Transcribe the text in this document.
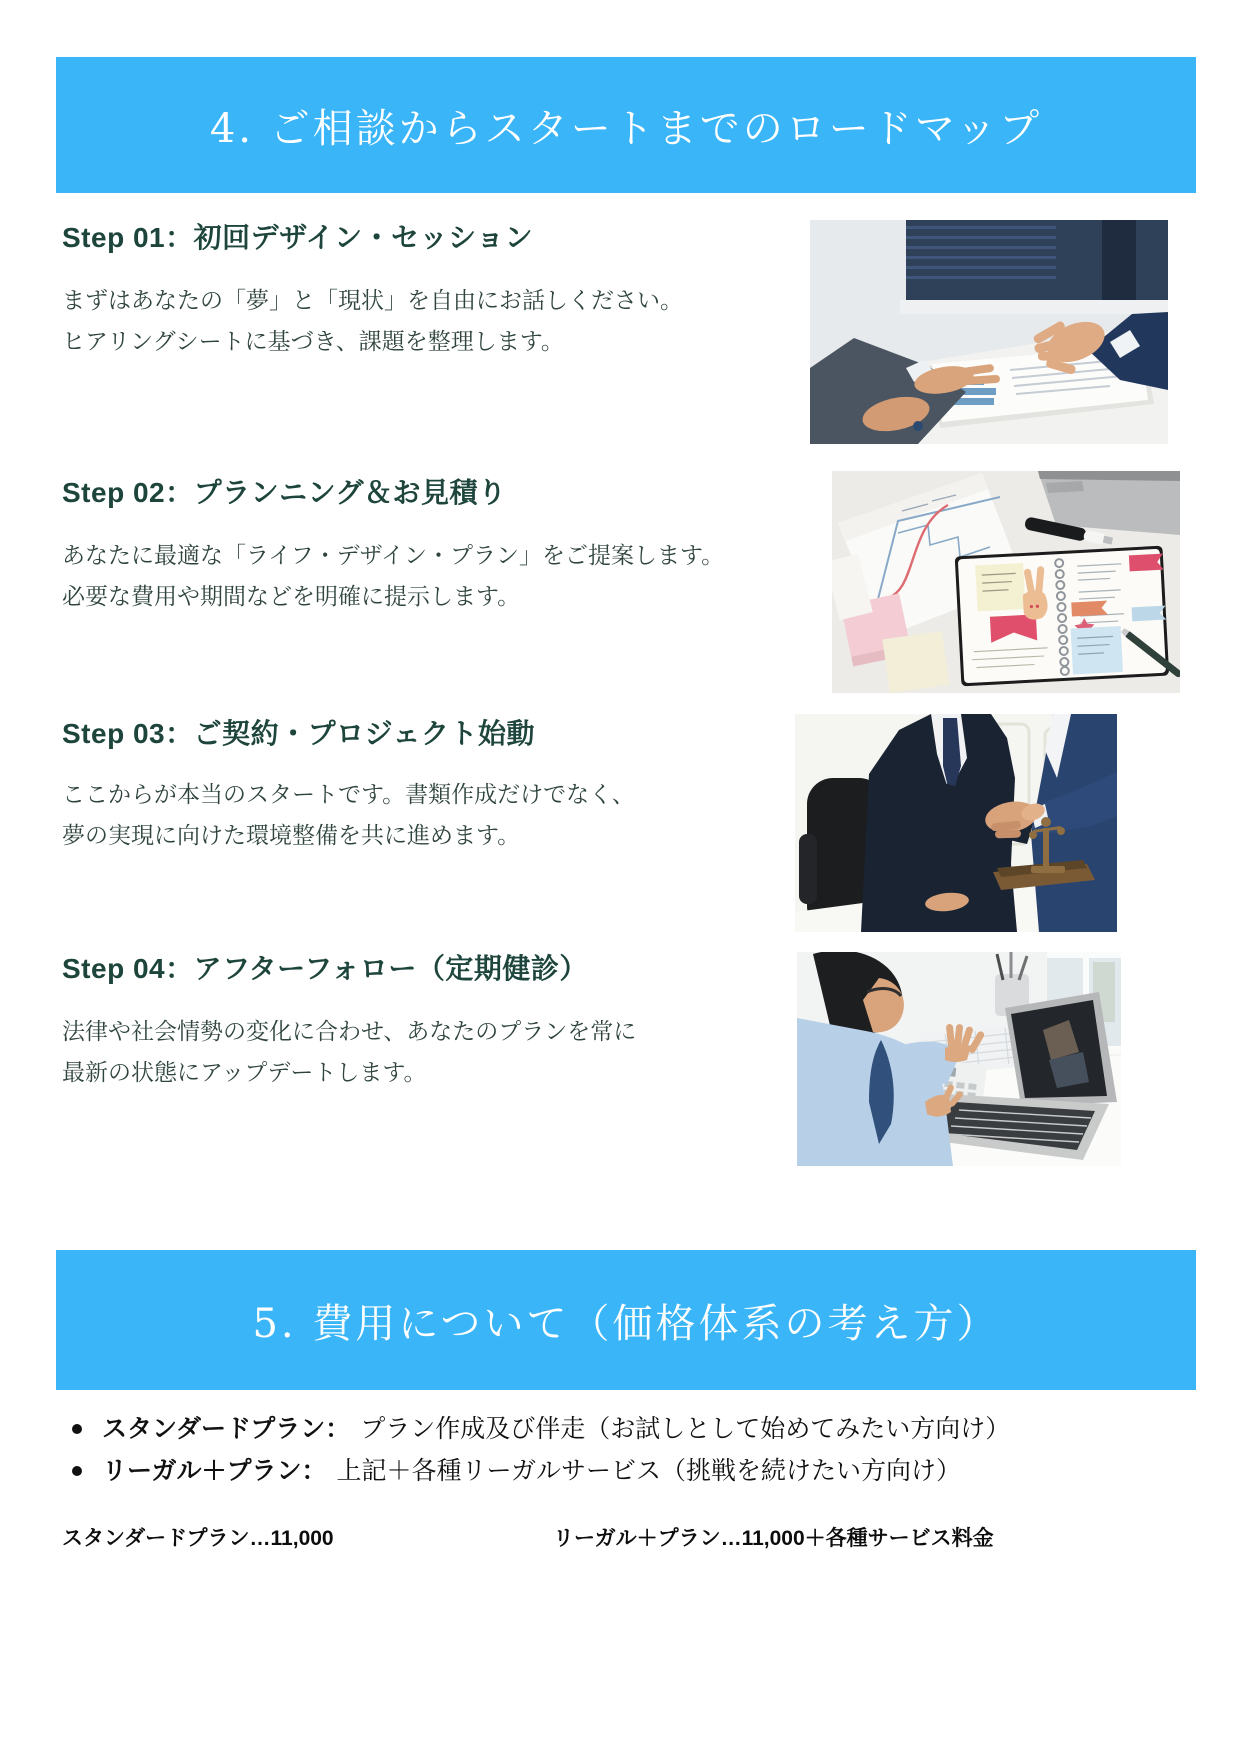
4. ご相談からスタートまでのロードマップ
Step 01：初回デザイン・セッション
まずはあなたの「夢」と「現状」を自由にお話しください。
ヒアリングシートに基づき、課題を整理します。
Step 02：プランニング＆お見積り
あなたに最適な「ライフ・デザイン・プラン」をご提案します。
必要な費用や期間などを明確に提示します。
Step 03：ご契約・プロジェクト始動
ここからが本当のスタートです。書類作成だけでなく、
夢の実現に向けた環境整備を共に進めます。
Step 04：アフターフォロー（定期健診）
法律や社会情勢の変化に合わせ、あなたのプランを常に
最新の状態にアップデートします。
5. 費用について（価格体系の考え方）
スタンダードプラン： プラン作成及び伴走（お試しとして始めてみたい方向け）
リーガル＋プラン： 上記＋各種リーガルサービス（挑戦を続けたい方向け）
スタンダードプラン…11,000	リーガル＋プラン…11,000＋各種サービス料金
